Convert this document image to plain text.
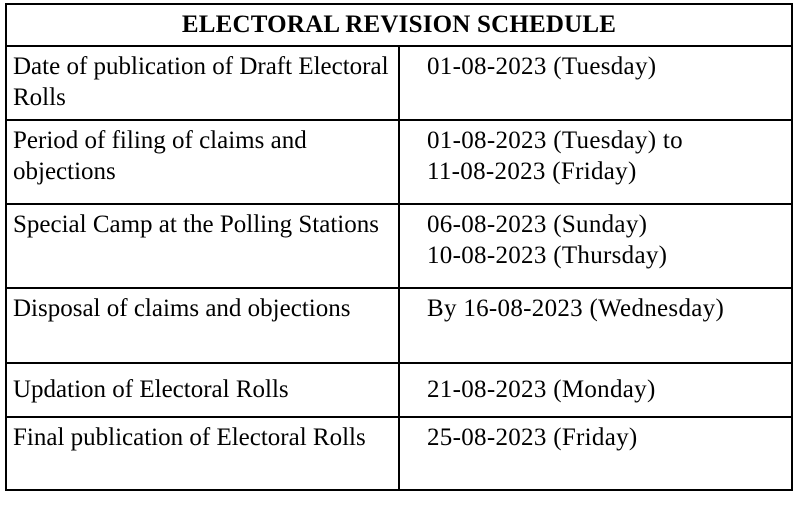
ELECTORAL REVISION SCHEDULE	
Date of publication of Draft Electoral Rolls	01-08-2023 (Tuesday)

Period of filing of claims and objections	01-08-2023 (Tuesday) to
11-08-2023 (Friday)

Special Camp at the Polling Stations	06-08-2023 (Sunday)
10-08-2023 (Thursday)

Disposal of claims and objections	By 16-08-2023 (Wednesday)

Updation of Electoral Rolls	21-08-2023 (Monday)

Final publication of Electoral Rolls	25-08-2023 (Friday)
